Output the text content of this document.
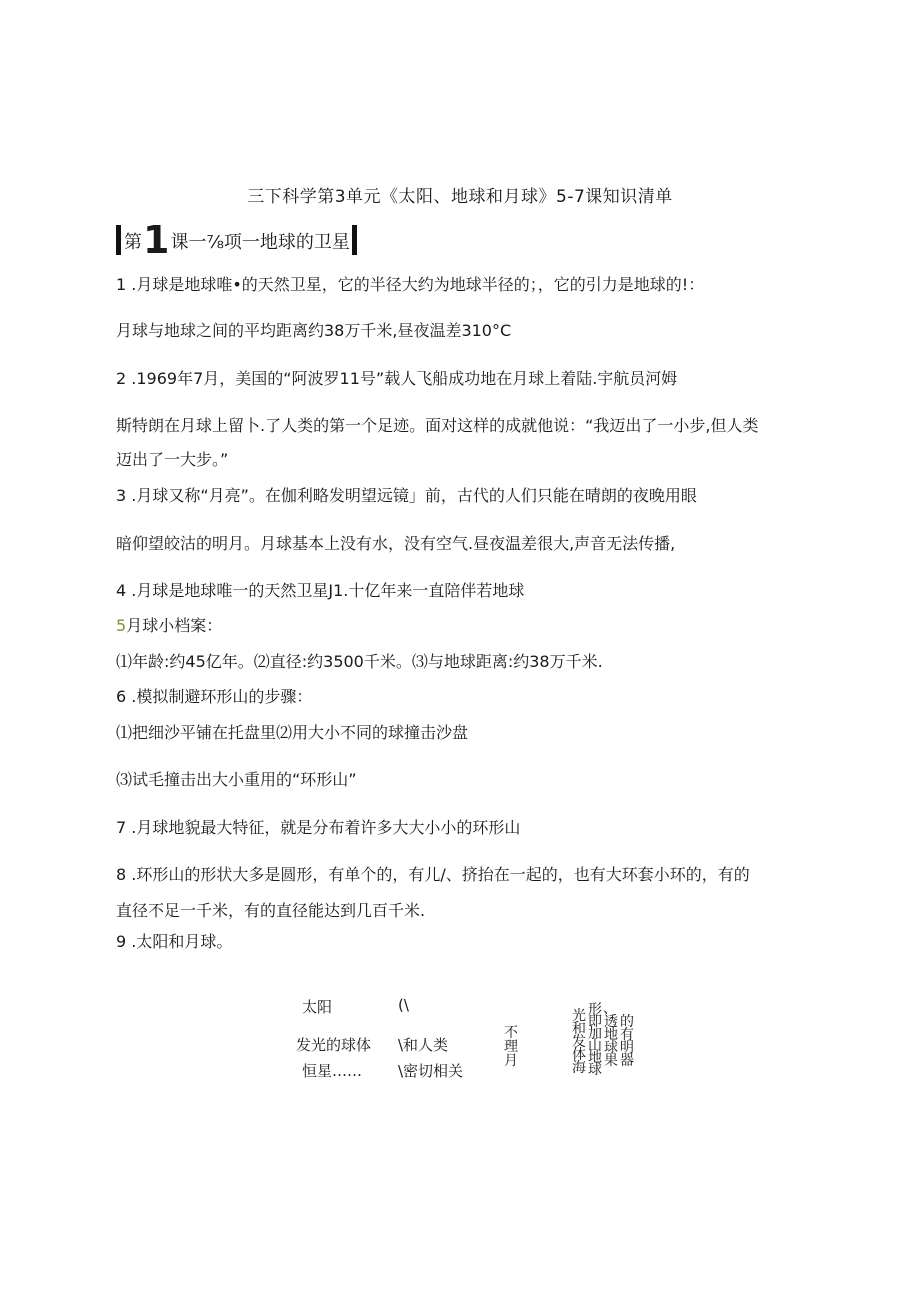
三下科学第3单元《太阳、地球和月球》5-7课知识清单
第 1 课一⅞项一地球的卫星
1 .月球是地球唯•的天然卫星，它的半径大约为地球半径的；，它的引力是地球的!：
月球与地球之间的平均距离约38万千米,昼夜温差310°C
2 .1969年7月，美国的“阿波罗11号”载人飞船成功地在月球上着陆.宇航员河姆
斯特朗在月球上留卜.了人类的第一个足迹。面对这样的成就他说：“我迈出了一小步,但人类
迈出了一大步。”
3 .月球又称“月亮”。在伽利略发明望远镜」前，古代的人们只能在晴朗的夜晚用眼
暗仰望皎沽的明月。月球基本上没有水，没有空气.昼夜温差很大,声音无法传播,
4 .月球是地球唯一的天然卫星J1.十亿年来一直陪伴若地球
5月球小档案：
⑴年龄:约45亿年。⑵直径:约3500千米。⑶与地球距离:约38万千米.
6 .模拟制避环形山的步骤：
⑴把细沙平铺在托盘里⑵用大小不同的球撞击沙盘
⑶试毛撞击出大小重用的“环形山”
7 .月球地貌最大特征，就是分布着许多大大小小的环形山
8 .环形山的形状大多是圆形，有单个的，有儿/、挤抬在一起的，也有大环套小环的，有的
直径不足一千米，有的直径能达到几百千米.
9 .太阳和月球。
太阳
发光的球体
恒星……
(\
\和人类
\密切相关
不理月
、
光和发体海
形即加山地球
透地球果
的有明器
